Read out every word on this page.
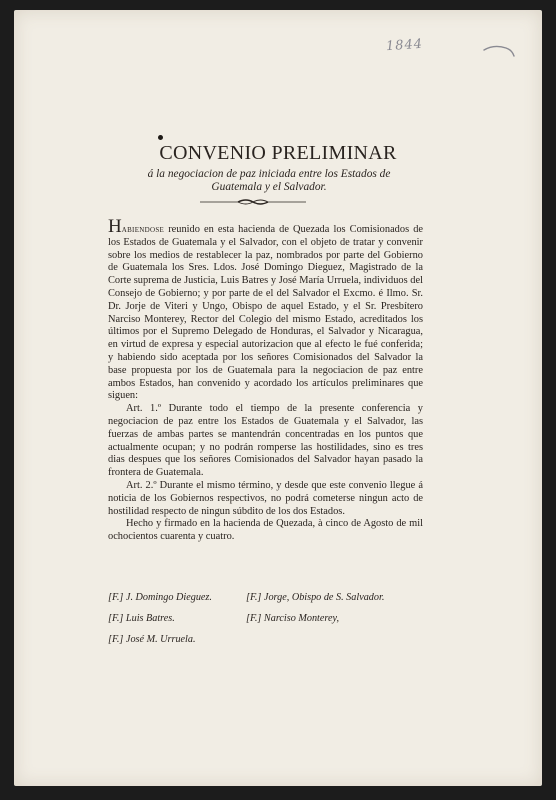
1844
CONVENIO PRELIMINAR
á la negociacion de paz iniciada entre los Estados de Guatemala y el Salvador.

Habiendose reunido en esta hacienda de Quezada los Comisionados de los Estados de Guatemala y el Salvador, con el objeto de tratar y convenir sobre los medios de restablecer la paz, nombrados por parte del Gobierno de Guatemala los Sres. Ldos. José Domingo Dieguez, Magistrado de la Corte suprema de Justicia, Luis Batres y José María Urruela, individuos del Consejo de Gobierno; y por parte de el del Salvador el Excmo. é Ilmo. Sr. Dr. Jorje de Viteri y Ungo, Obispo de aquel Estado, y el Sr. Presbítero Narciso Monterey, Rector del Colegio del mismo Estado, acreditados los últimos por el Supremo Delegado de Honduras, el Salvador y Nicaragua, en virtud de expresa y especial autorizacion que al efecto le fué conferida; y habiendo sido aceptada por los señores Comisionados del Salvador la base propuesta por los de Guatemala para la negociacion de paz entre ambos Estados, han convenido y acordado los artículos preliminares que siguen:

Art. 1.º Durante todo el tiempo de la presente conferencia y negociacion de paz entre los Estados de Guatemala y el Salvador, las fuerzas de ambas partes se mantendrán concentradas en los puntos que actualmente ocupan; y no podrán romperse las hostilidades, sino es tres dias despues que los señores Comisionados del Salvador hayan pasado la frontera de Guatemala.

Art. 2.º Durante el mismo término, y desde que este convenio llegue á noticia de los Gobiernos respectivos, no podrá cometerse ningun acto de hostilidad respecto de ningun súbdito de los dos Estados.

Hecho y firmado en la hacienda de Quezada, à cinco de Agosto de mil ochocientos cuarenta y cuatro.

[F.] J. Domingo Dieguez.	[F.] Jorge, Obispo de S. Salvador.
[F.] Luis Batres.	[F.] Narciso Monterey,
[F.] José M. Urruela.
